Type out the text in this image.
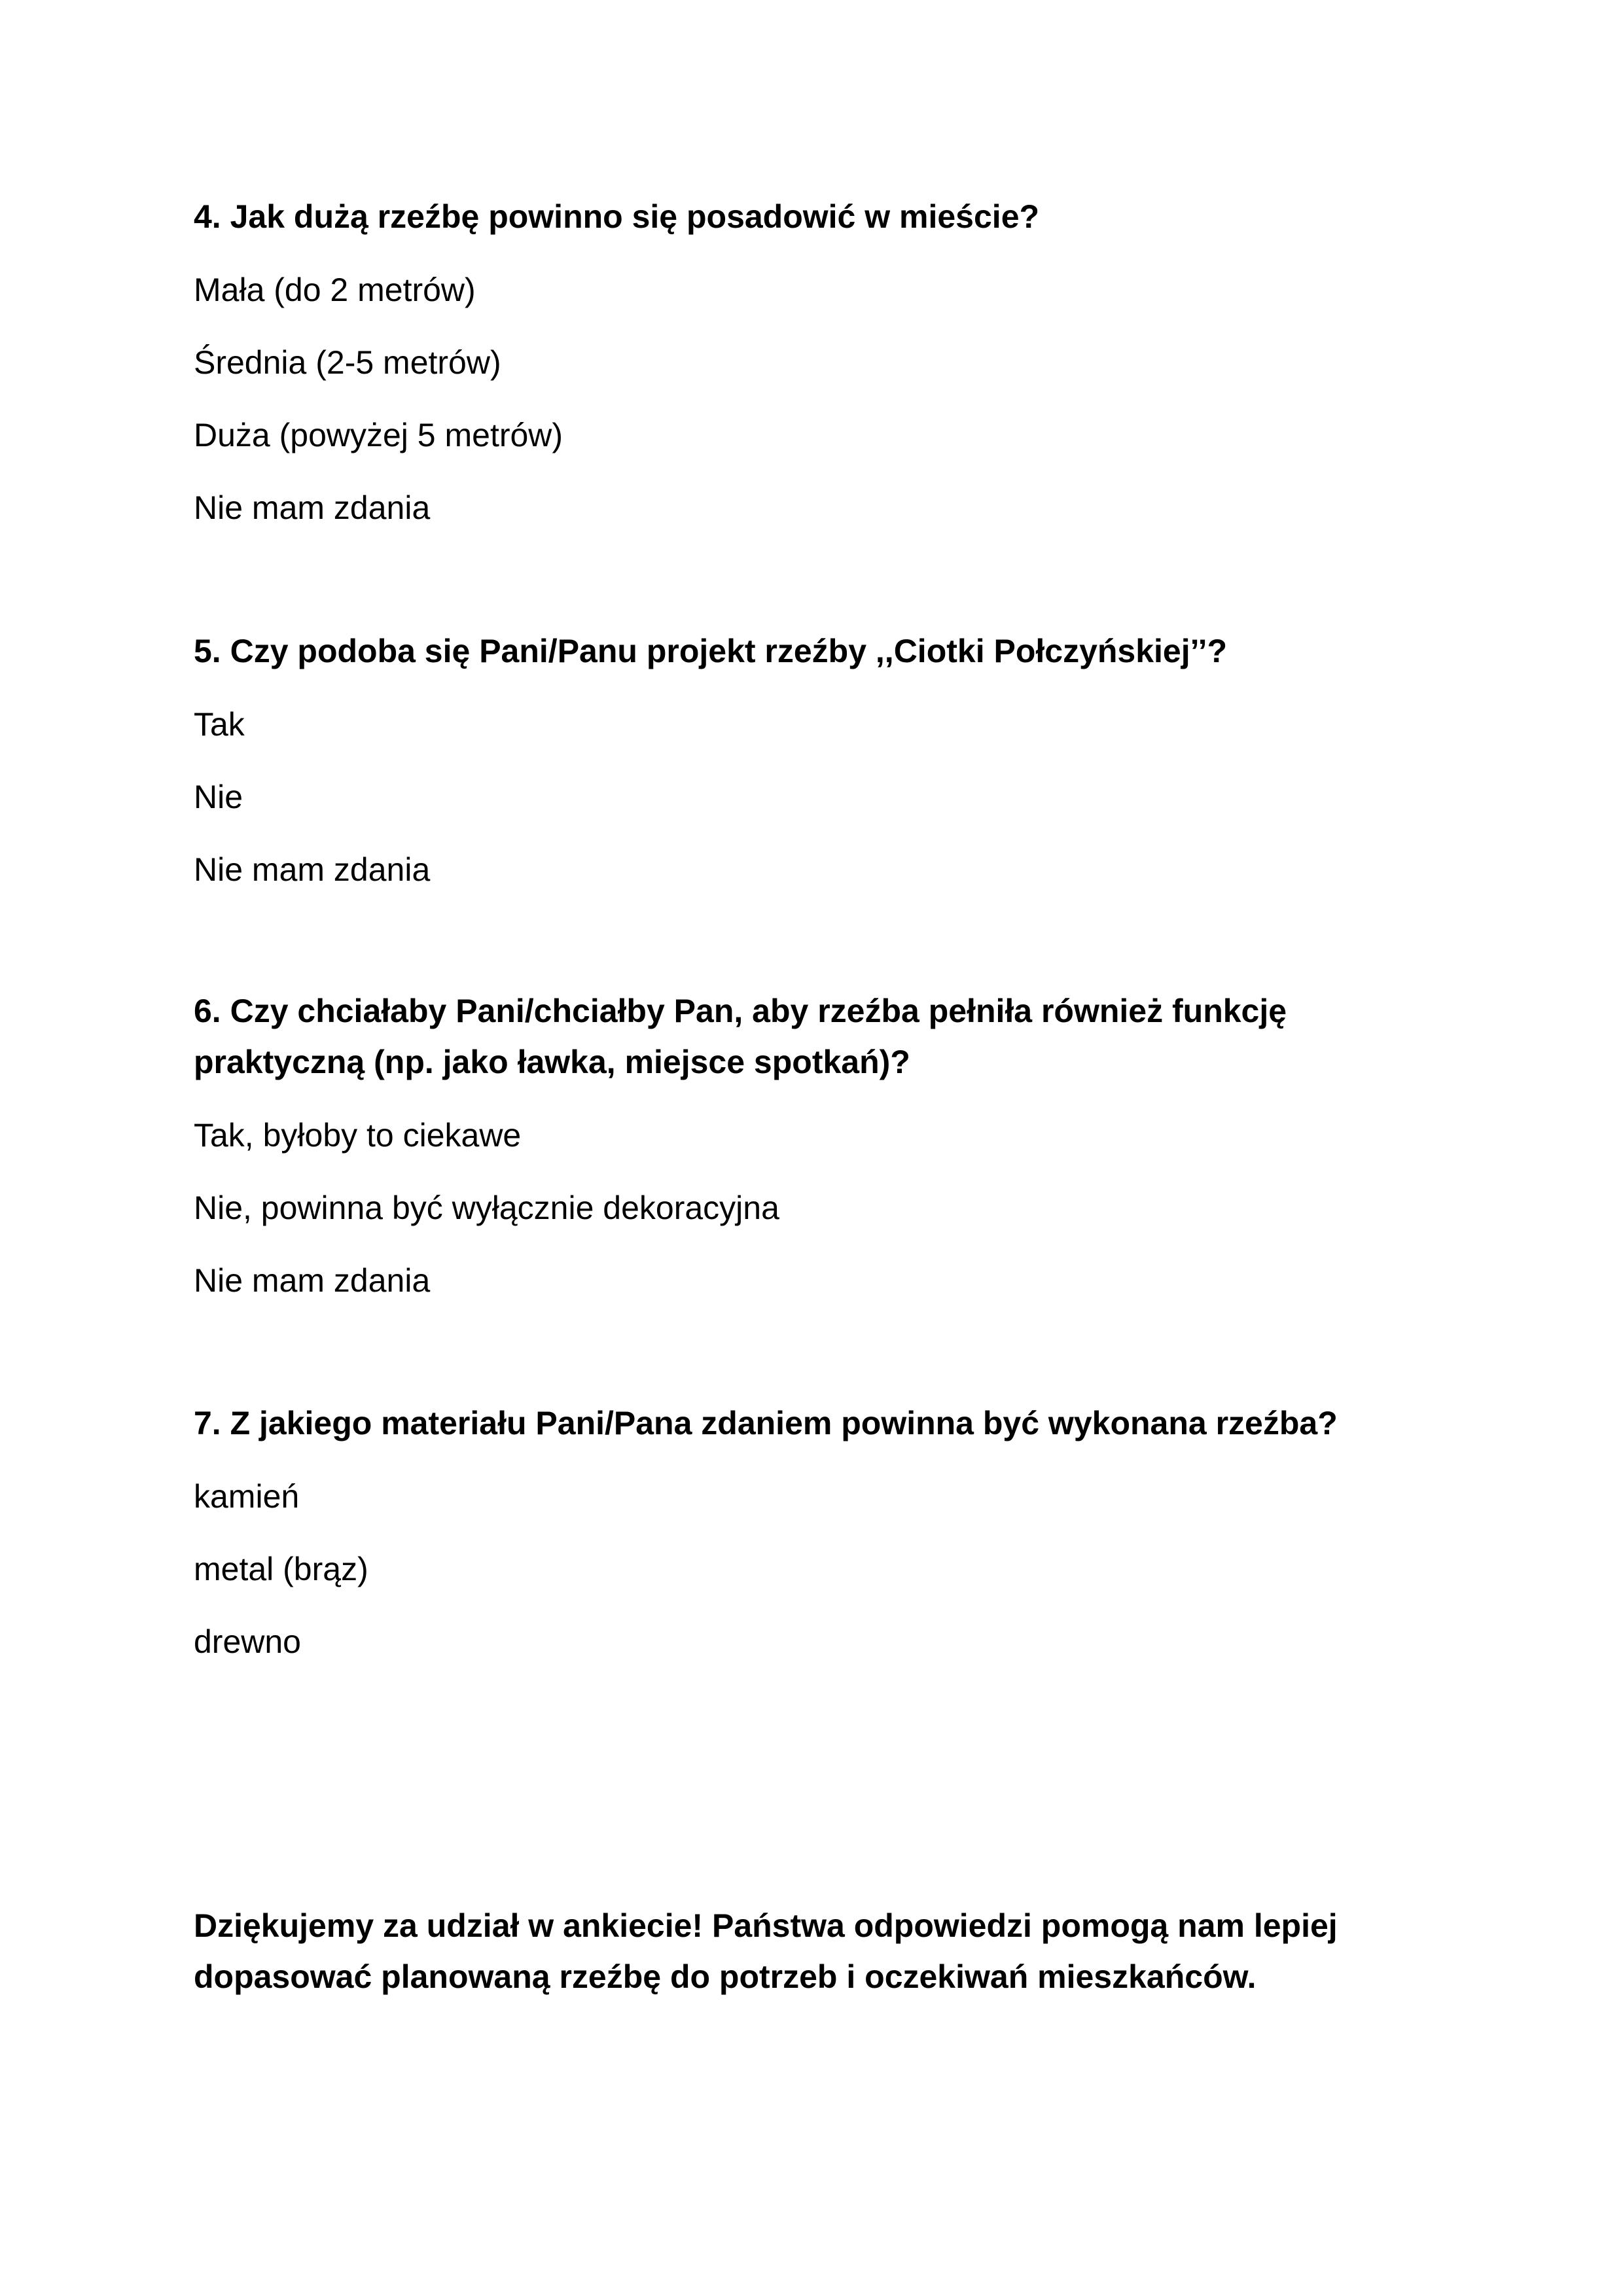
4. Jak dużą rzeźbę powinno się posadowić w mieście?

Mała (do 2 metrów)

Średnia (2-5 metrów)

Duża (powyżej 5 metrów)

Nie mam zdania

5. Czy podoba się Pani/Panu projekt rzeźby ,,Ciotki Połczyńskiej’’?

Tak

Nie

Nie mam zdania

6. Czy chciałaby Pani/chciałby Pan, aby rzeźba pełniła również funkcję praktyczną (np. jako ławka, miejsce spotkań)?

Tak, byłoby to ciekawe

Nie, powinna być wyłącznie dekoracyjna

Nie mam zdania

7. Z jakiego materiału Pani/Pana zdaniem powinna być wykonana rzeźba?

kamień

metal (brąz)

drewno

Dziękujemy za udział w ankiecie! Państwa odpowiedzi pomogą nam lepiej dopasować planowaną rzeźbę do potrzeb i oczekiwań mieszkańców.
